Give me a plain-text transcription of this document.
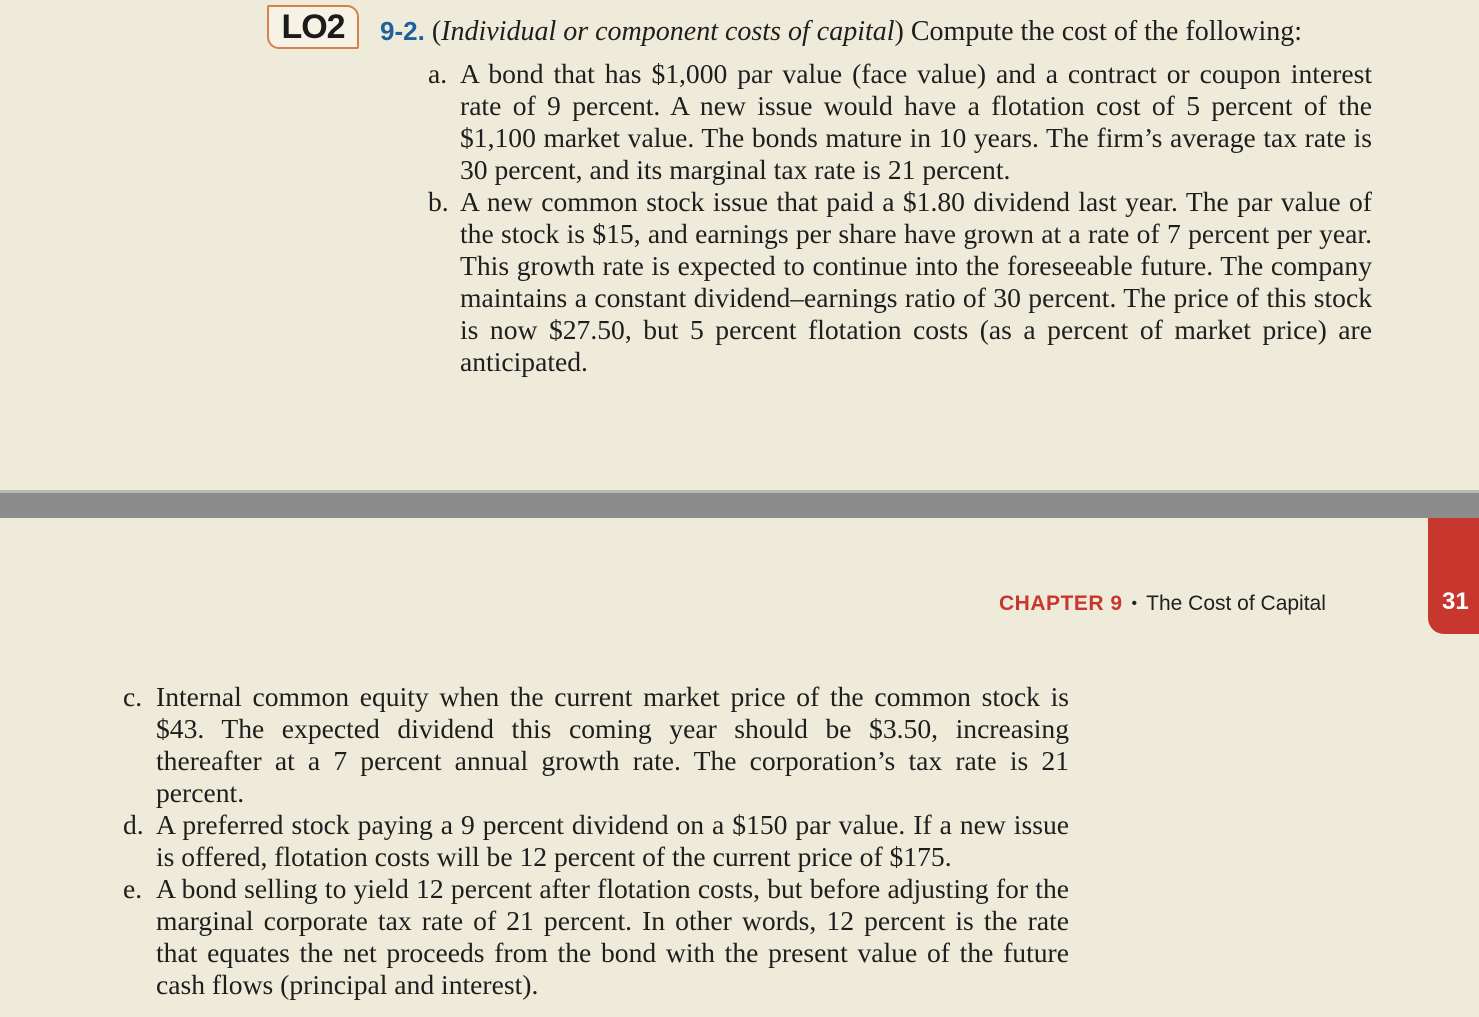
LO2	9-2. (Individual or component costs of capital) Compute the cost of the following:
a. A bond that has $1,000 par value (face value) and a contract or coupon interest rate of 9 percent. A new issue would have a flotation cost of 5 percent of the $1,100 market value. The bonds mature in 10 years. The firm’s average tax rate is 30 percent, and its marginal tax rate is 21 percent.
b. A new common stock issue that paid a $1.80 dividend last year. The par value of the stock is $15, and earnings per share have grown at a rate of 7 percent per year. This growth rate is expected to continue into the foreseeable future. The company maintains a constant dividend–earnings ratio of 30 percent. The price of this stock is now $27.50, but 5 percent flotation costs (as a percent of market price) are anticipated.
31
CHAPTER 9 • The Cost of Capital
c. Internal common equity when the current market price of the common stock is $43. The expected dividend this coming year should be $3.50, increasing thereafter at a 7 percent annual growth rate. The corporation’s tax rate is 21 percent.
d. A preferred stock paying a 9 percent dividend on a $150 par value. If a new issue is offered, flotation costs will be 12 percent of the current price of $175.
e. A bond selling to yield 12 percent after flotation costs, but before adjusting for the marginal corporate tax rate of 21 percent. In other words, 12 percent is the rate that equates the net proceeds from the bond with the present value of the future cash flows (principal and interest).
